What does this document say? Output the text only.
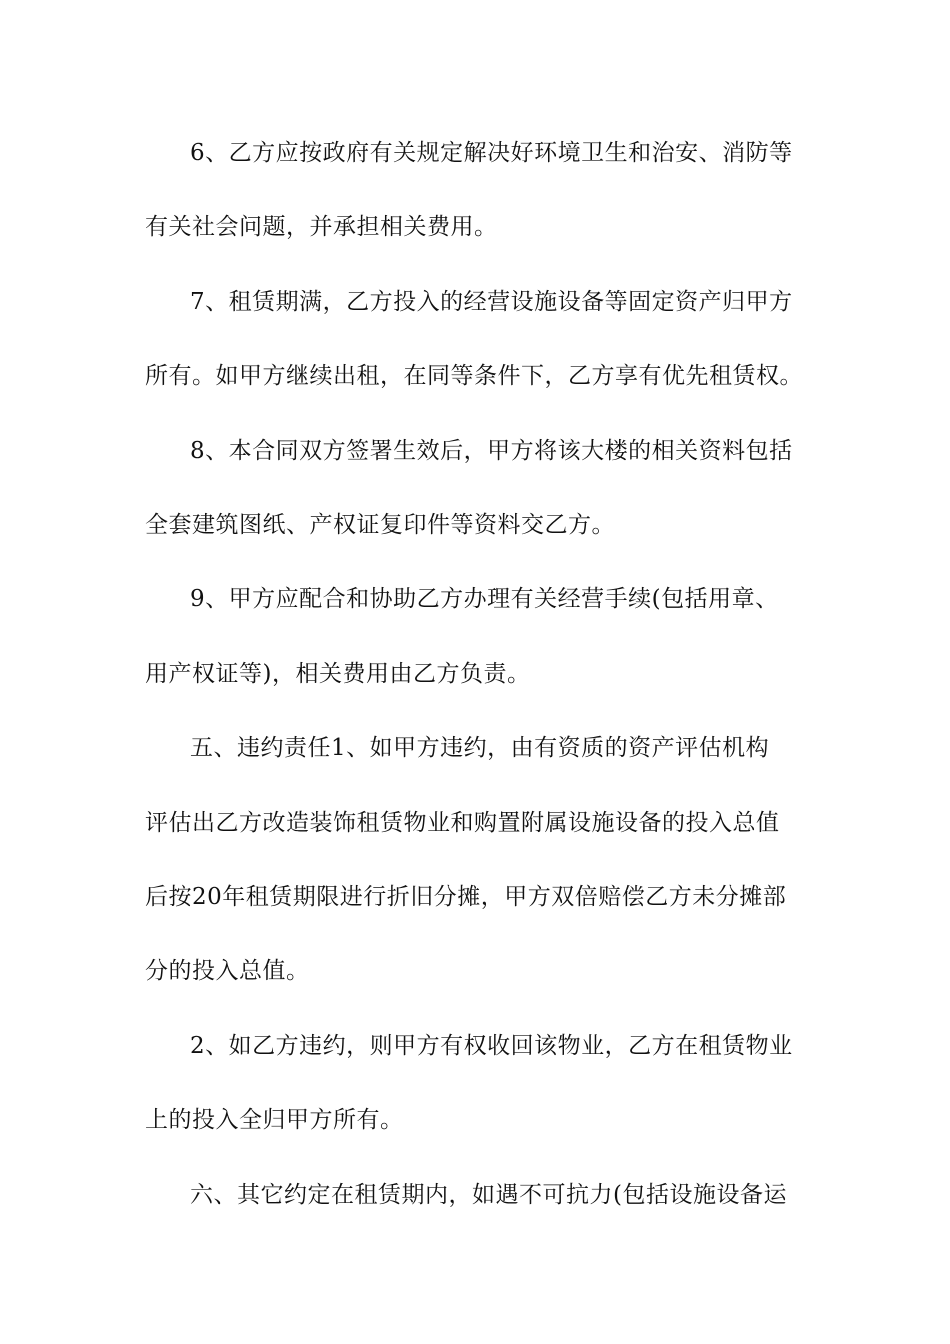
6、乙方应按政府有关规定解决好环境卫生和治安、消防等
有关社会问题，并承担相关费用。
7、租赁期满，乙方投入的经营设施设备等固定资产归甲方
所有。如甲方继续出租，在同等条件下，乙方享有优先租赁权。
8、本合同双方签署生效后，甲方将该大楼的相关资料包括
全套建筑图纸、产权证复印件等资料交乙方。
9、甲方应配合和协助乙方办理有关经营手续(包括用章、
用产权证等)，相关费用由乙方负责。
五、违约责任1、如甲方违约，由有资质的资产评估机构
评估出乙方改造装饰租赁物业和购置附属设施设备的投入总值
后按20年租赁期限进行折旧分摊，甲方双倍赔偿乙方未分摊部
分的投入总值。
2、如乙方违约，则甲方有权收回该物业，乙方在租赁物业
上的投入全归甲方所有。
六、其它约定在租赁期内，如遇不可抗力(包括设施设备运
